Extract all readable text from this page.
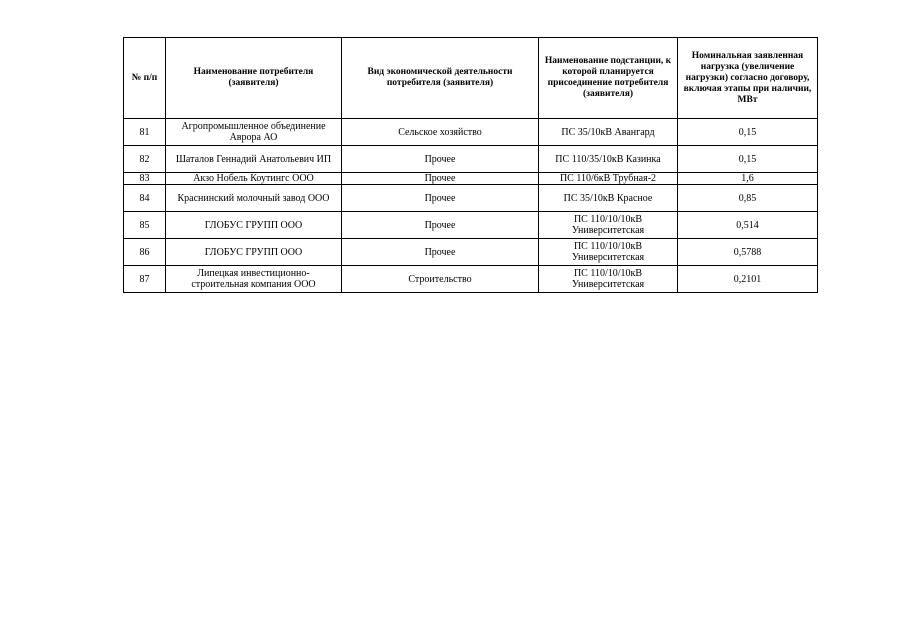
№ п/п	Наименование потребителя (заявителя)	Вид экономической деятельности потребителя (заявителя)	Наименование подстанции, к которой планируется присоединение потребителя (заявителя)	Номинальная заявленная нагрузка (увеличение нагрузки) согласно договору, включая этапы при наличии, МВт
81	Агропромышленное объединение Аврора АО	Сельское хозяйство	ПС 35/10кВ Авангард	0,15
82	Шаталов Геннадий Анатольевич ИП	Прочее	ПС 110/35/10кВ Казинка	0,15
83	Акзо Нобель Коутингс ООО	Прочее	ПС 110/6кВ Трубная-2	1,6
84	Краснинский молочный завод ООО	Прочее	ПС 35/10кВ Красное	0,85
85	ГЛОБУС ГРУПП ООО	Прочее	ПС 110/10/10кВ Университетская	0,514
86	ГЛОБУС ГРУПП ООО	Прочее	ПС 110/10/10кВ Университетская	0,5788
87	Липецкая инвестиционно-строительная компания ООО	Строительство	ПС 110/10/10кВ Университетская	0,2101
